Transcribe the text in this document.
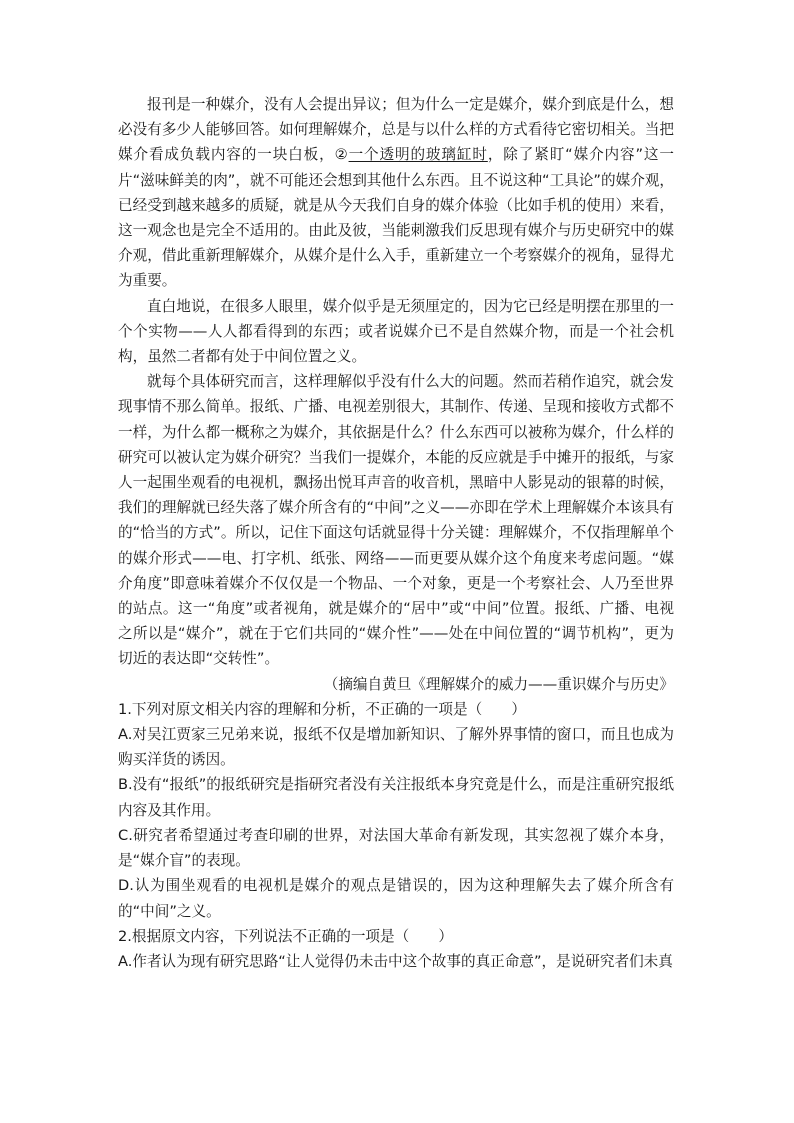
报刊是一种媒介，没有人会提出异议；但为什么一定是媒介，媒介到底是什么，想必没有多少人能够回答。如何理解媒介，总是与以什么样的方式看待它密切相关。当把媒介看成负载内容的一块白板，②一个透明的玻璃缸时，除了紧盯“媒介内容”这一片“滋味鲜美的肉”，就不可能还会想到其他什么东西。且不说这种“工具论”的媒介观，已经受到越来越多的质疑，就是从今天我们自身的媒介体验（比如手机的使用）来看，这一观念也是完全不适用的。由此及彼，当能刺激我们反思现有媒介与历史研究中的媒介观，借此重新理解媒介，从媒介是什么入手，重新建立一个考察媒介的视角，显得尤为重要。

直白地说，在很多人眼里，媒介似乎是无须厘定的，因为它已经是明摆在那里的一个个实物——人人都看得到的东西；或者说媒介已不是自然媒介物，而是一个社会机构，虽然二者都有处于中间位置之义。

就每个具体研究而言，这样理解似乎没有什么大的问题。然而若稍作追究，就会发现事情不那么简单。报纸、广播、电视差别很大，其制作、传递、呈现和接收方式都不一样，为什么都一概称之为媒介，其依据是什么？什么东西可以被称为媒介，什么样的研究可以被认定为媒介研究？当我们一提媒介，本能的反应就是手中摊开的报纸，与家人一起围坐观看的电视机，飘扬出悦耳声音的收音机，黑暗中人影晃动的银幕的时候，我们的理解就已经失落了媒介所含有的“中间”之义——亦即在学术上理解媒介本该具有的“恰当的方式”。所以，记住下面这句话就显得十分关键：理解媒介，不仅指理解单个的媒介形式——电、打字机、纸张、网络——而更要从媒介这个角度来考虑问题。“媒介角度”即意味着媒介不仅仅是一个物品、一个对象，更是一个考察社会、人乃至世界的站点。这一“角度”或者视角，就是媒介的“居中”或“中间”位置。报纸、广播、电视之所以是“媒介”，就在于它们共同的“媒介性”——处在中间位置的“调节机构”，更为切近的表达即“交转性”。

（摘编自黄旦《理解媒介的威力——重识媒介与历史》

1.下列对原文相关内容的理解和分析，不正确的一项是（　　）

A.对吴江贾家三兄弟来说，报纸不仅是增加新知识、了解外界事情的窗口，而且也成为购买洋货的诱因。

B.没有“报纸”的报纸研究是指研究者没有关注报纸本身究竟是什么，而是注重研究报纸内容及其作用。

C.研究者希望通过考查印刷的世界，对法国大革命有新发现，其实忽视了媒介本身，是“媒介盲”的表现。

D.认为围坐观看的电视机是媒介的观点是错误的，因为这种理解失去了媒介所含有的“中间”之义。

2.根据原文内容，下列说法不正确的一项是（　　）

A.作者认为现有研究思路“让人觉得仍未击中这个故事的真正命意”，是说研究者们未真
